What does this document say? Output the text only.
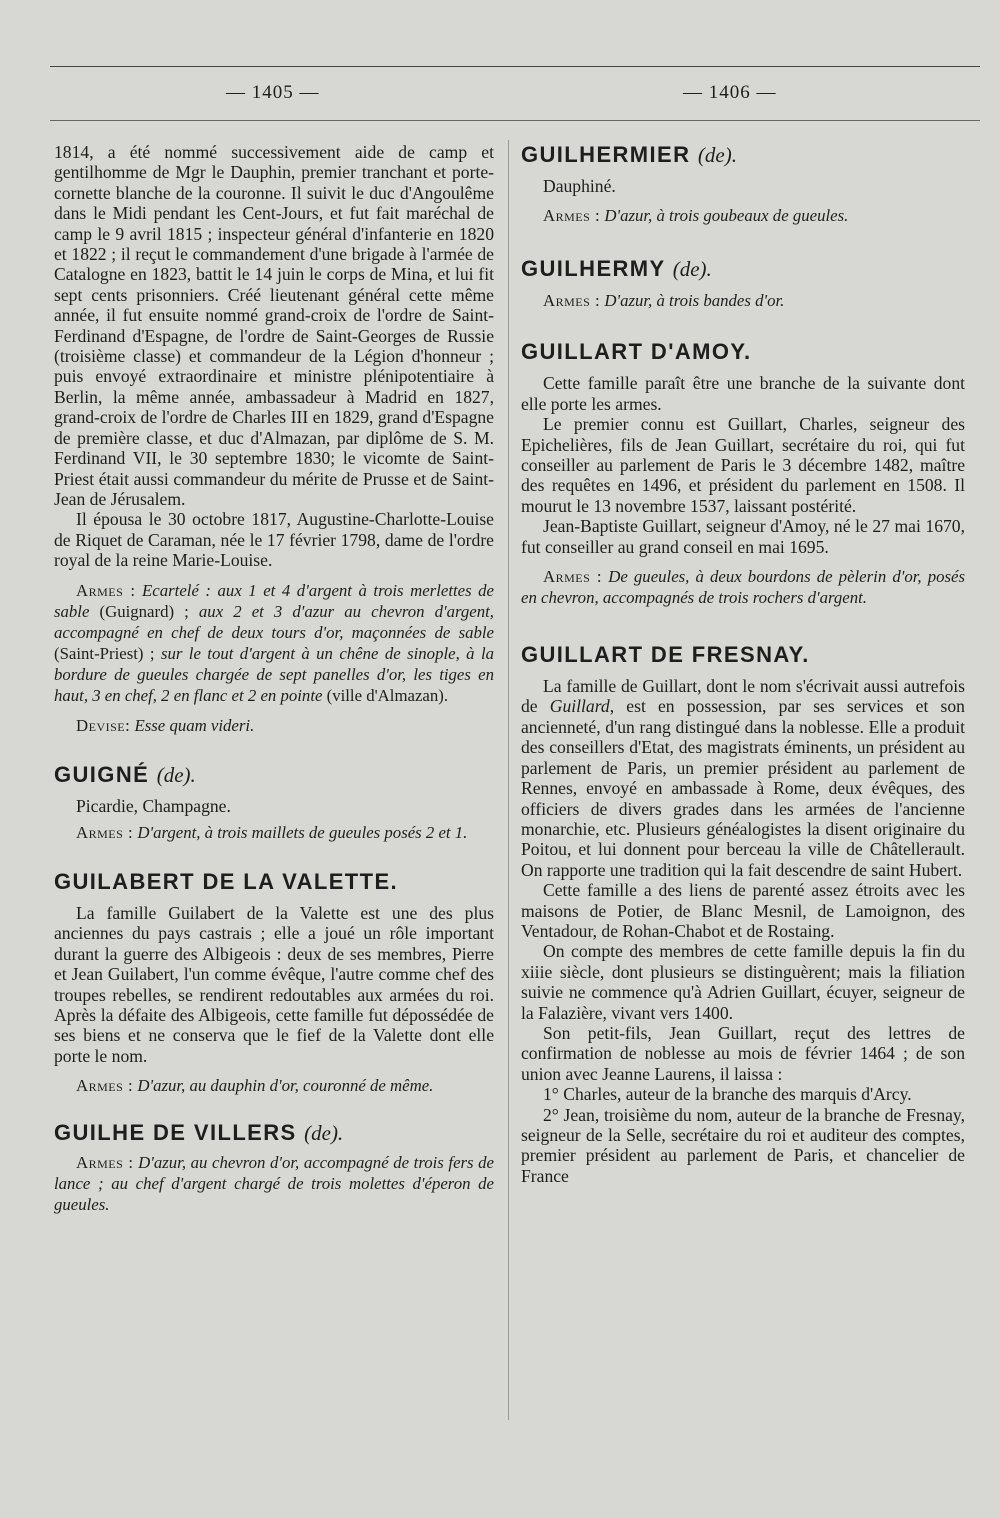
— 1405 —	— 1406 —

1814, a été nommé successivement aide de camp et gentilhomme de Mgr le Dauphin, premier tranchant et porte-cornette blanche de la couronne. Il suivit le duc d'Angoulême dans le Midi pendant les Cent-Jours, et fut fait maréchal de camp le 9 avril 1815 ; inspecteur général d'infanterie en 1820 et 1822 ; il reçut le commandement d'une brigade à l'armée de Catalogne en 1823, battit le 14 juin le corps de Mina, et lui fit sept cents prisonniers. Créé lieutenant général cette même année, il fut ensuite nommé grand-croix de l'ordre de Saint-Ferdinand d'Espagne, de l'ordre de Saint-Georges de Russie (troisième classe) et commandeur de la Légion d'honneur ; puis envoyé extraordinaire et ministre plénipotentiaire à Berlin, la même année, ambassadeur à Madrid en 1827, grand-croix de l'ordre de Charles III en 1829, grand d'Espagne de première classe, et duc d'Almazan, par diplôme de S. M. Ferdinand VII, le 30 septembre 1830; le vicomte de Saint-Priest était aussi commandeur du mérite de Prusse et de Saint-Jean de Jérusalem.

Il épousa le 30 octobre 1817, Augustine-Charlotte-Louise de Riquet de Caraman, née le 17 février 1798, dame de l'ordre royal de la reine Marie-Louise.

Armes : Ecartelé : aux 1 et 4 d'argent à trois merlettes de sable (Guignard) ; aux 2 et 3 d'azur au chevron d'argent, accompagné en chef de deux tours d'or, maçonnées de sable (Saint-Priest) ; sur le tout d'argent à un chêne de sinople, à la bordure de gueules chargée de sept panelles d'or, les tiges en haut, 3 en chef, 2 en flanc et 2 en pointe (ville d'Almazan).

Devise: Esse quam videri.

GUIGNÉ (de).

Picardie, Champagne.

Armes : D'argent, à trois maillets de gueules posés 2 et 1.

GUILABERT DE LA VALETTE.

La famille Guilabert de la Valette est une des plus anciennes du pays castrais ; elle a joué un rôle important durant la guerre des Albigeois : deux de ses membres, Pierre et Jean Guilabert, l'un comme évêque, l'autre comme chef des troupes rebelles, se rendirent redoutables aux armées du roi. Après la défaite des Albigeois, cette famille fut dépossédée de ses biens et ne conserva que le fief de la Valette dont elle porte le nom.

Armes : D'azur, au dauphin d'or, couronné de même.

GUILHE DE VILLERS (de).

Armes : D'azur, au chevron d'or, accompagné de trois fers de lance ; au chef d'argent chargé de trois molettes d'éperon de gueules.

GUILHERMIER (de).

Dauphiné.

Armes : D'azur, à trois goubeaux de gueules.

GUILHERMY (de).

Armes : D'azur, à trois bandes d'or.

GUILLART D'AMOY.

Cette famille paraît être une branche de la suivante dont elle porte les armes.

Le premier connu est Guillart, Charles, seigneur des Epichelières, fils de Jean Guillart, secrétaire du roi, qui fut conseiller au parlement de Paris le 3 décembre 1482, maître des requêtes en 1496, et président du parlement en 1508. Il mourut le 13 novembre 1537, laissant postérité.

Jean-Baptiste Guillart, seigneur d'Amoy, né le 27 mai 1670, fut conseiller au grand conseil en mai 1695.

Armes : De gueules, à deux bourdons de pèlerin d'or, posés en chevron, accompagnés de trois rochers d'argent.

GUILLART DE FRESNAY.

La famille de Guillart, dont le nom s'écrivait aussi autrefois de Guillard, est en possession, par ses services et son ancienneté, d'un rang distingué dans la noblesse. Elle a produit des conseillers d'Etat, des magistrats éminents, un président au parlement de Paris, un premier président au parlement de Rennes, envoyé en ambassade à Rome, deux évêques, des officiers de divers grades dans les armées de l'ancienne monarchie, etc. Plusieurs généalogistes la disent originaire du Poitou, et lui donnent pour berceau la ville de Châtellerault. On rapporte une tradition qui la fait descendre de saint Hubert.

Cette famille a des liens de parenté assez étroits avec les maisons de Potier, de Blanc Mesnil, de Lamoignon, des Ventadour, de Rohan-Chabot et de Rostaing.

On compte des membres de cette famille depuis la fin du xiiie siècle, dont plusieurs se distinguèrent; mais la filiation suivie ne commence qu'à Adrien Guillart, écuyer, seigneur de la Falazière, vivant vers 1400.

Son petit-fils, Jean Guillart, reçut des lettres de confirmation de noblesse au mois de février 1464 ; de son union avec Jeanne Laurens, il laissa :

1° Charles, auteur de la branche des marquis d'Arcy.

2° Jean, troisième du nom, auteur de la branche de Fresnay, seigneur de la Selle, secrétaire du roi et auditeur des comptes, premier président au parlement de Paris, et chancelier de France
